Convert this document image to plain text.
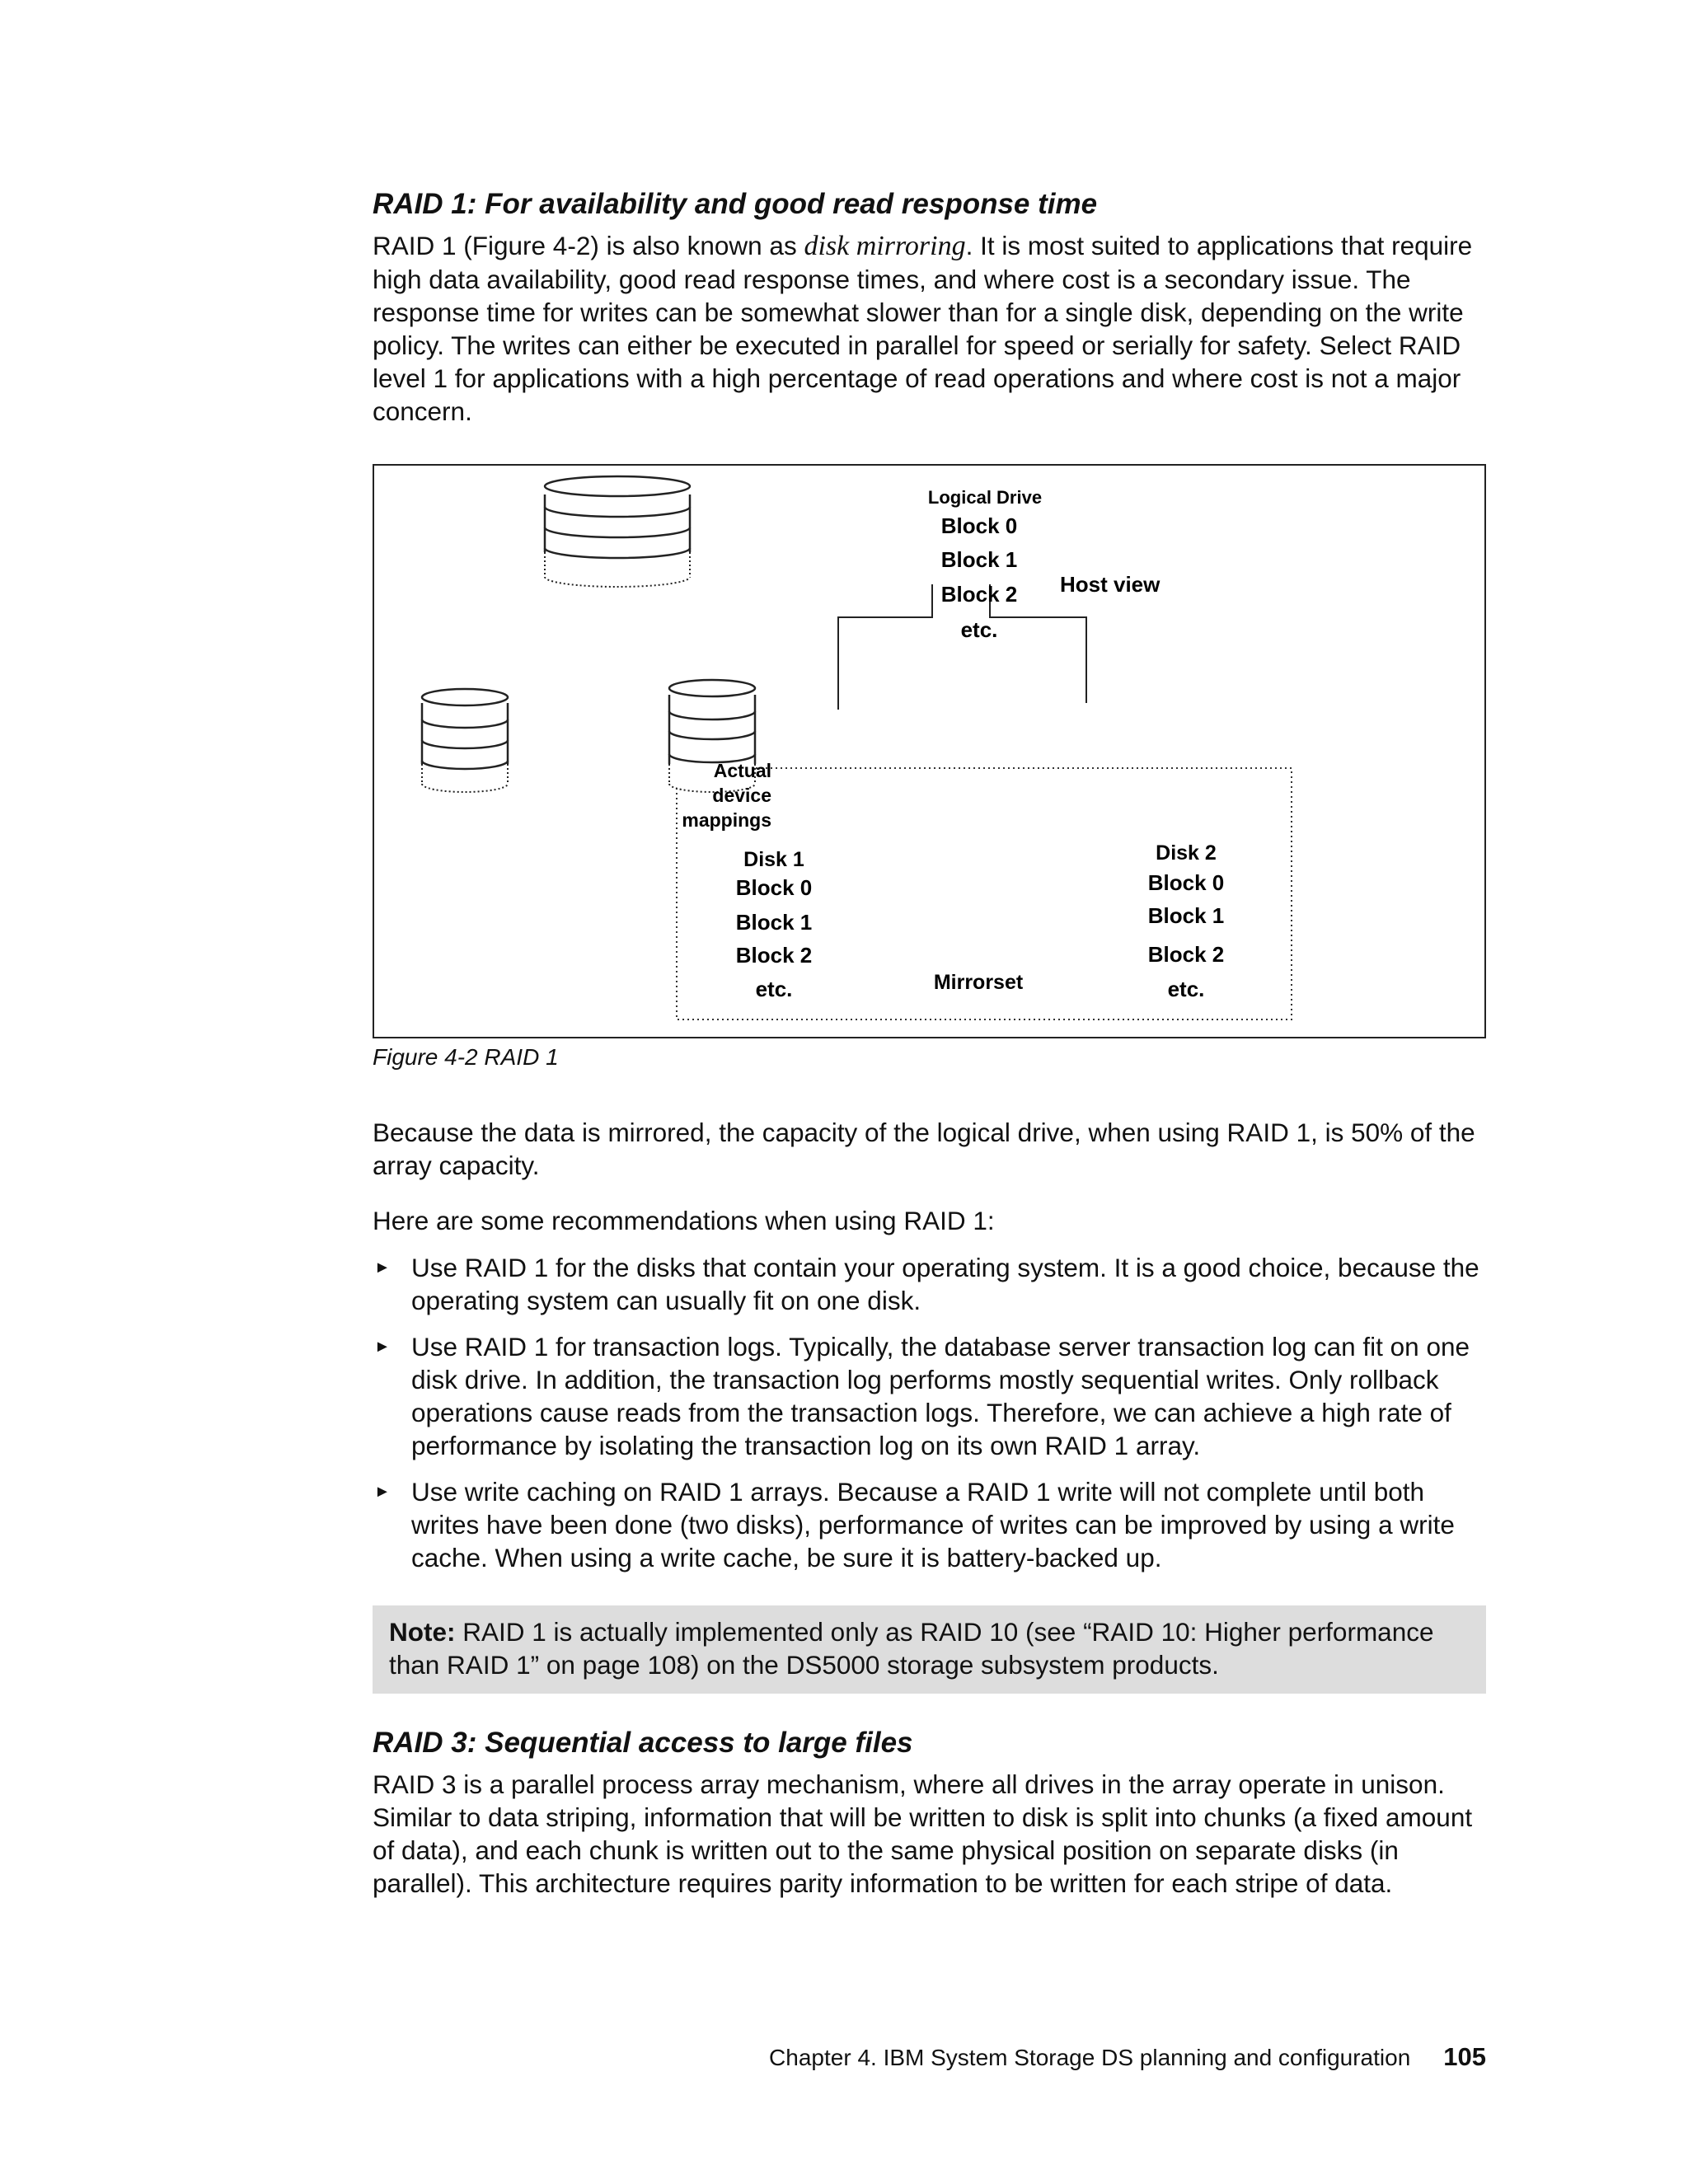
RAID 1: For availability and good read response time

RAID 1 (Figure 4-2) is also known as disk mirroring. It is most suited to applications that require high data availability, good read response times, and where cost is a secondary issue. The response time for writes can be somewhat slower than for a single disk, depending on the write policy. The writes can either be executed in parallel for speed or serially for safety. Select RAID level 1 for applications with a high percentage of read operations and where cost is not a major concern.

Logical Drive
Block 0
Block 1
Block 2
etc.
Host view
Actual
device
mappings
Disk 1
Block 0
Block 1
Block 2
etc.
Disk 2
Block 0
Block 1
Block 2
etc.
Mirrorset

Figure 4-2 RAID 1

Because the data is mirrored, the capacity of the logical drive, when using RAID 1, is 50% of the array capacity.

Here are some recommendations when using RAID 1:

► Use RAID 1 for the disks that contain your operating system. It is a good choice, because the operating system can usually fit on one disk.
► Use RAID 1 for transaction logs. Typically, the database server transaction log can fit on one disk drive. In addition, the transaction log performs mostly sequential writes. Only rollback operations cause reads from the transaction logs. Therefore, we can achieve a high rate of performance by isolating the transaction log on its own RAID 1 array.
► Use write caching on RAID 1 arrays. Because a RAID 1 write will not complete until both writes have been done (two disks), performance of writes can be improved by using a write cache. When using a write cache, be sure it is battery-backed up.
Note: RAID 1 is actually implemented only as RAID 10 (see “RAID 10: Higher performance than RAID 1” on page 108) on the DS5000 storage subsystem products.
RAID 3: Sequential access to large files

RAID 3 is a parallel process array mechanism, where all drives in the array operate in unison. Similar to data striping, information that will be written to disk is split into chunks (a fixed amount of data), and each chunk is written out to the same physical position on separate disks (in parallel). This architecture requires parity information to be written for each stripe of data.

Chapter 4. IBM System Storage DS planning and configuration 105
